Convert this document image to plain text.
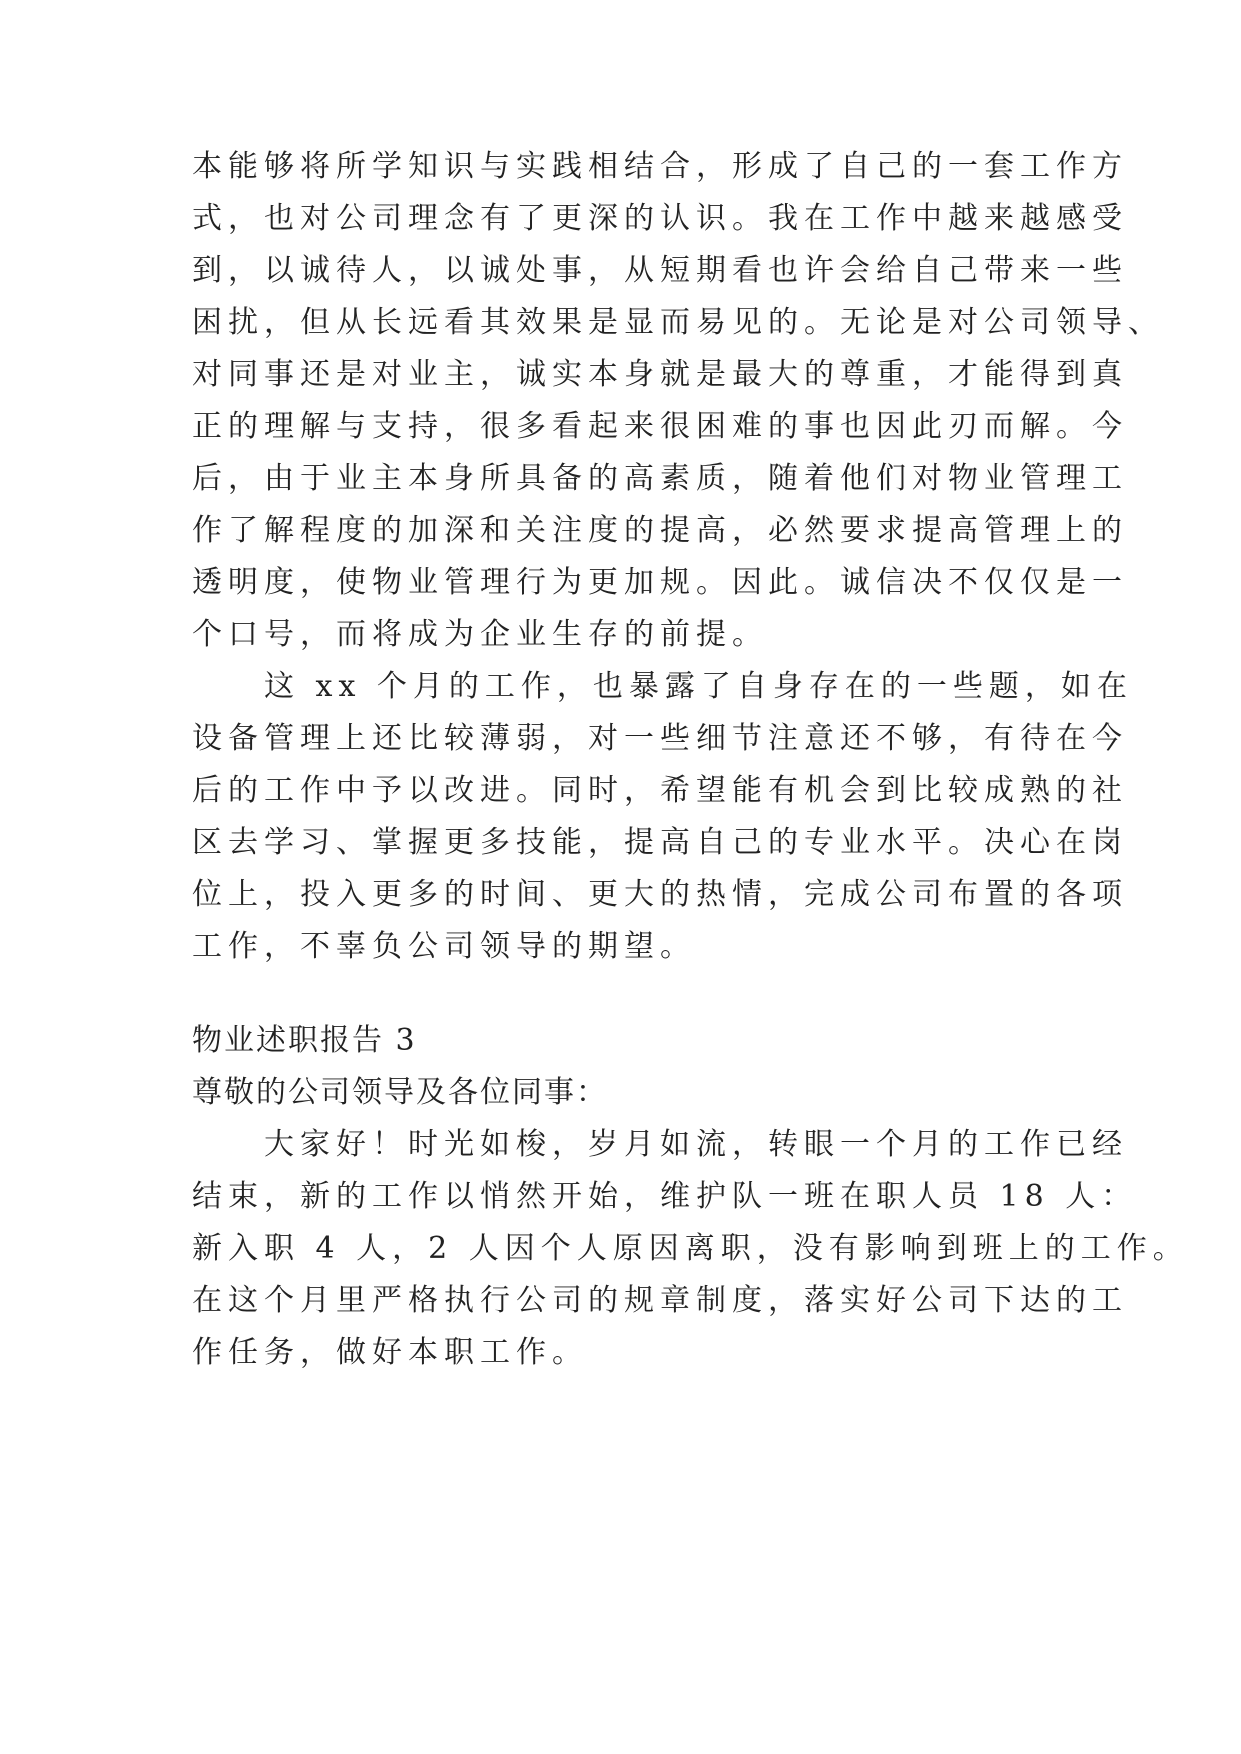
本能够将所学知识与实践相结合，形成了自己的一套工作方
式，也对公司理念有了更深的认识。我在工作中越来越感受
到，以诚待人，以诚处事，从短期看也许会给自己带来一些
困扰，但从长远看其效果是显而易见的。无论是对公司领导、
对同事还是对业主，诚实本身就是最大的尊重，才能得到真
正的理解与支持，很多看起来很困难的事也因此刃而解。今
后，由于业主本身所具备的高素质，随着他们对物业管理工
作了解程度的加深和关注度的提高，必然要求提高管理上的
透明度，使物业管理行为更加规。因此。诚信决不仅仅是一
个口号，而将成为企业生存的前提。
　　这 xx 个月的工作，也暴露了自身存在的一些题，如在
设备管理上还比较薄弱，对一些细节注意还不够，有待在今
后的工作中予以改进。同时，希望能有机会到比较成熟的社
区去学习、掌握更多技能，提高自己的专业水平。决心在岗
位上，投入更多的时间、更大的热情，完成公司布置的各项
工作，不辜负公司领导的期望。
物业述职报告 3
尊敬的公司领导及各位同事：
　　大家好！时光如梭，岁月如流，转眼一个月的工作已经
结束，新的工作以悄然开始，维护队一班在职人员 18 人：
新入职 4 人，2 人因个人原因离职，没有影响到班上的工作。
在这个月里严格执行公司的规章制度，落实好公司下达的工
作任务，做好本职工作。
